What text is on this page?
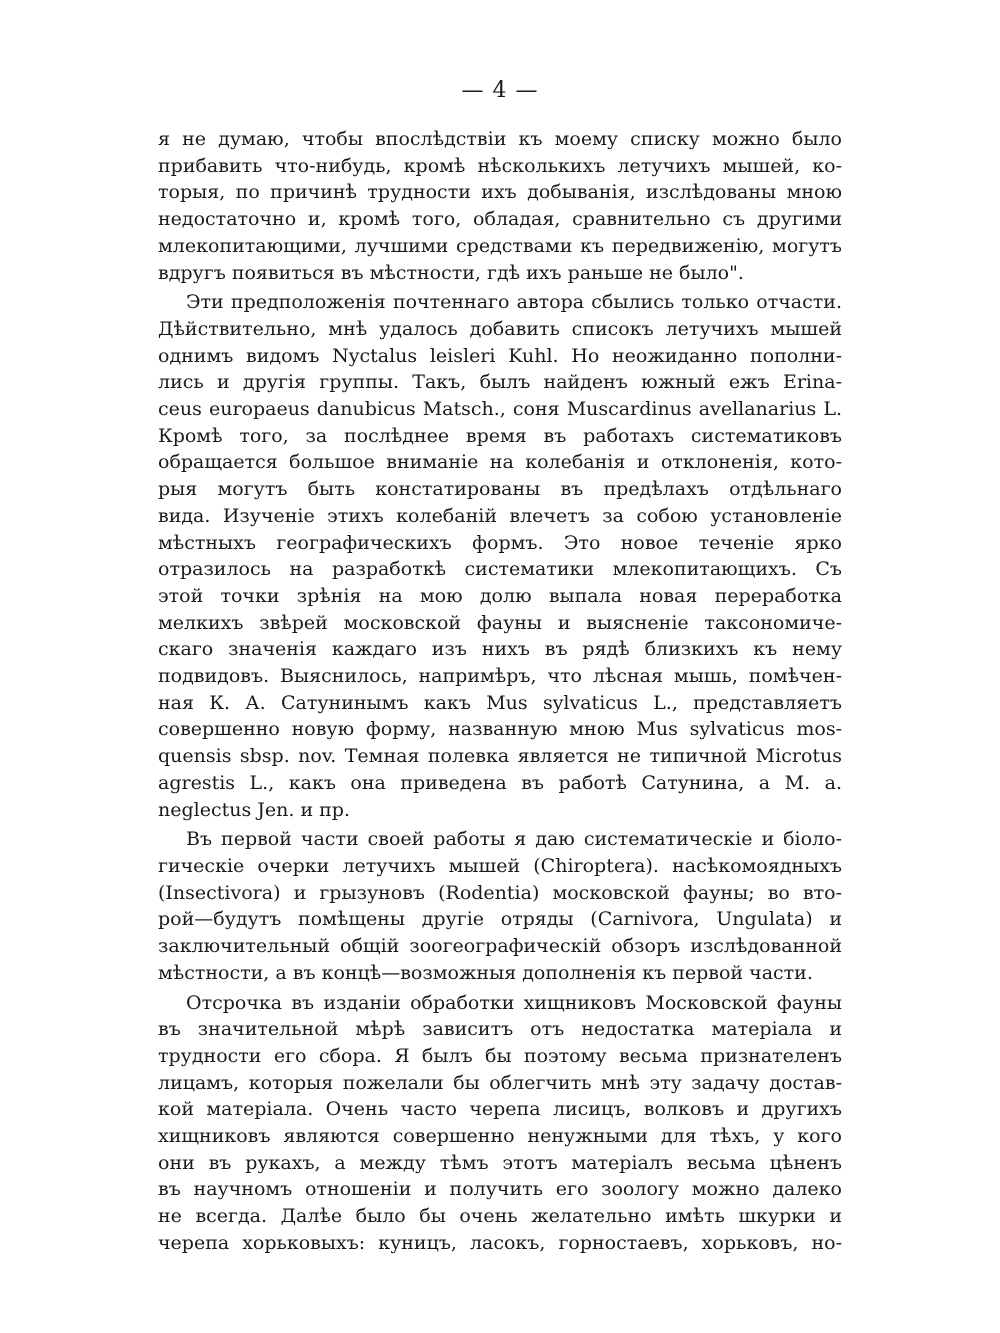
— 4 —
я не думаю, чтобы впослѣдствіи къ моему списку можно было
прибавить что-нибудь, кромѣ нѣсколькихъ летучихъ мышей, ко-
торыя, по причинѣ трудности ихъ добыванія, изслѣдованы мною
недостаточно и, кромѣ того, обладая, сравнительно съ другими
млекопитающими, лучшими средствами къ передвиженію, могутъ
вдругъ появиться въ мѣстности, гдѣ ихъ раньше не было".
Эти предположенія почтеннаго автора сбылись только отчасти.
Дѣйствительно, мнѣ удалось добавить списокъ летучихъ мышей
однимъ видомъ Nyctalus leisleri Kuhl. Но неожиданно пополни-
лись и другія группы. Такъ, былъ найденъ южный ежъ Erina-
ceus europaeus danubicus Matsch., соня Muscardinus avellanarius L.
Кромѣ того, за послѣднее время въ работахъ систематиковъ
обращается большое вниманіе на колебанія и отклоненія, кото-
рыя могутъ быть констатированы въ предѣлахъ отдѣльнаго
вида. Изученіе этихъ колебаній влечетъ за собою установленіе
мѣстныхъ географическихъ формъ. Это новое теченіе ярко
отразилось на разработкѣ систематики млекопитающихъ. Съ
этой точки зрѣнія на мою долю выпала новая переработка
мелкихъ звѣрей московской фауны и выясненіе таксономиче-
скаго значенія каждаго изъ нихъ въ рядѣ близкихъ къ нему
подвидовъ. Выяснилось, напримѣръ, что лѣсная мышь, помѣчен-
ная К. А. Сатунинымъ какъ Mus sylvaticus L., представляетъ
совершенно новую форму, названную мною Mus sylvaticus mos-
quensis sbsp. nov. Темная полевка является не типичной Microtus
agrestis L., какъ она приведена въ работѣ Сатунина, а M. a.
neglectus Jen. и пр.
Въ первой части своей работы я даю систематическіе и біоло-
гическіе очерки летучихъ мышей (Chiroptera). насѣкомоядныхъ
(Insectivora) и грызуновъ (Rodentia) московской фауны; во вто-
рой—будутъ помѣщены другіе отряды (Carnivora, Ungulata) и
заключительный общій зоогеографическій обзоръ изслѣдованной
мѣстности, а въ концѣ—возможныя дополненія къ первой части.
Отсрочка въ изданіи обработки хищниковъ Московской фауны
въ значительной мѣрѣ зависитъ отъ недостатка матеріала и
трудности его сбора. Я былъ бы поэтому весьма признателенъ
лицамъ, которыя пожелали бы облегчить мнѣ эту задачу достав-
кой матеріала. Очень часто черепа лисицъ, волковъ и другихъ
хищниковъ являются совершенно ненужными для тѣхъ, у кого
они въ рукахъ, а между тѣмъ этотъ матеріалъ весьма цѣненъ
въ научномъ отношеніи и получить его зоологу можно далеко
не всегда. Далѣе было бы очень желательно имѣть шкурки и
черепа хорьковыхъ: куницъ, ласокъ, горностаевъ, хорьковъ, но-
